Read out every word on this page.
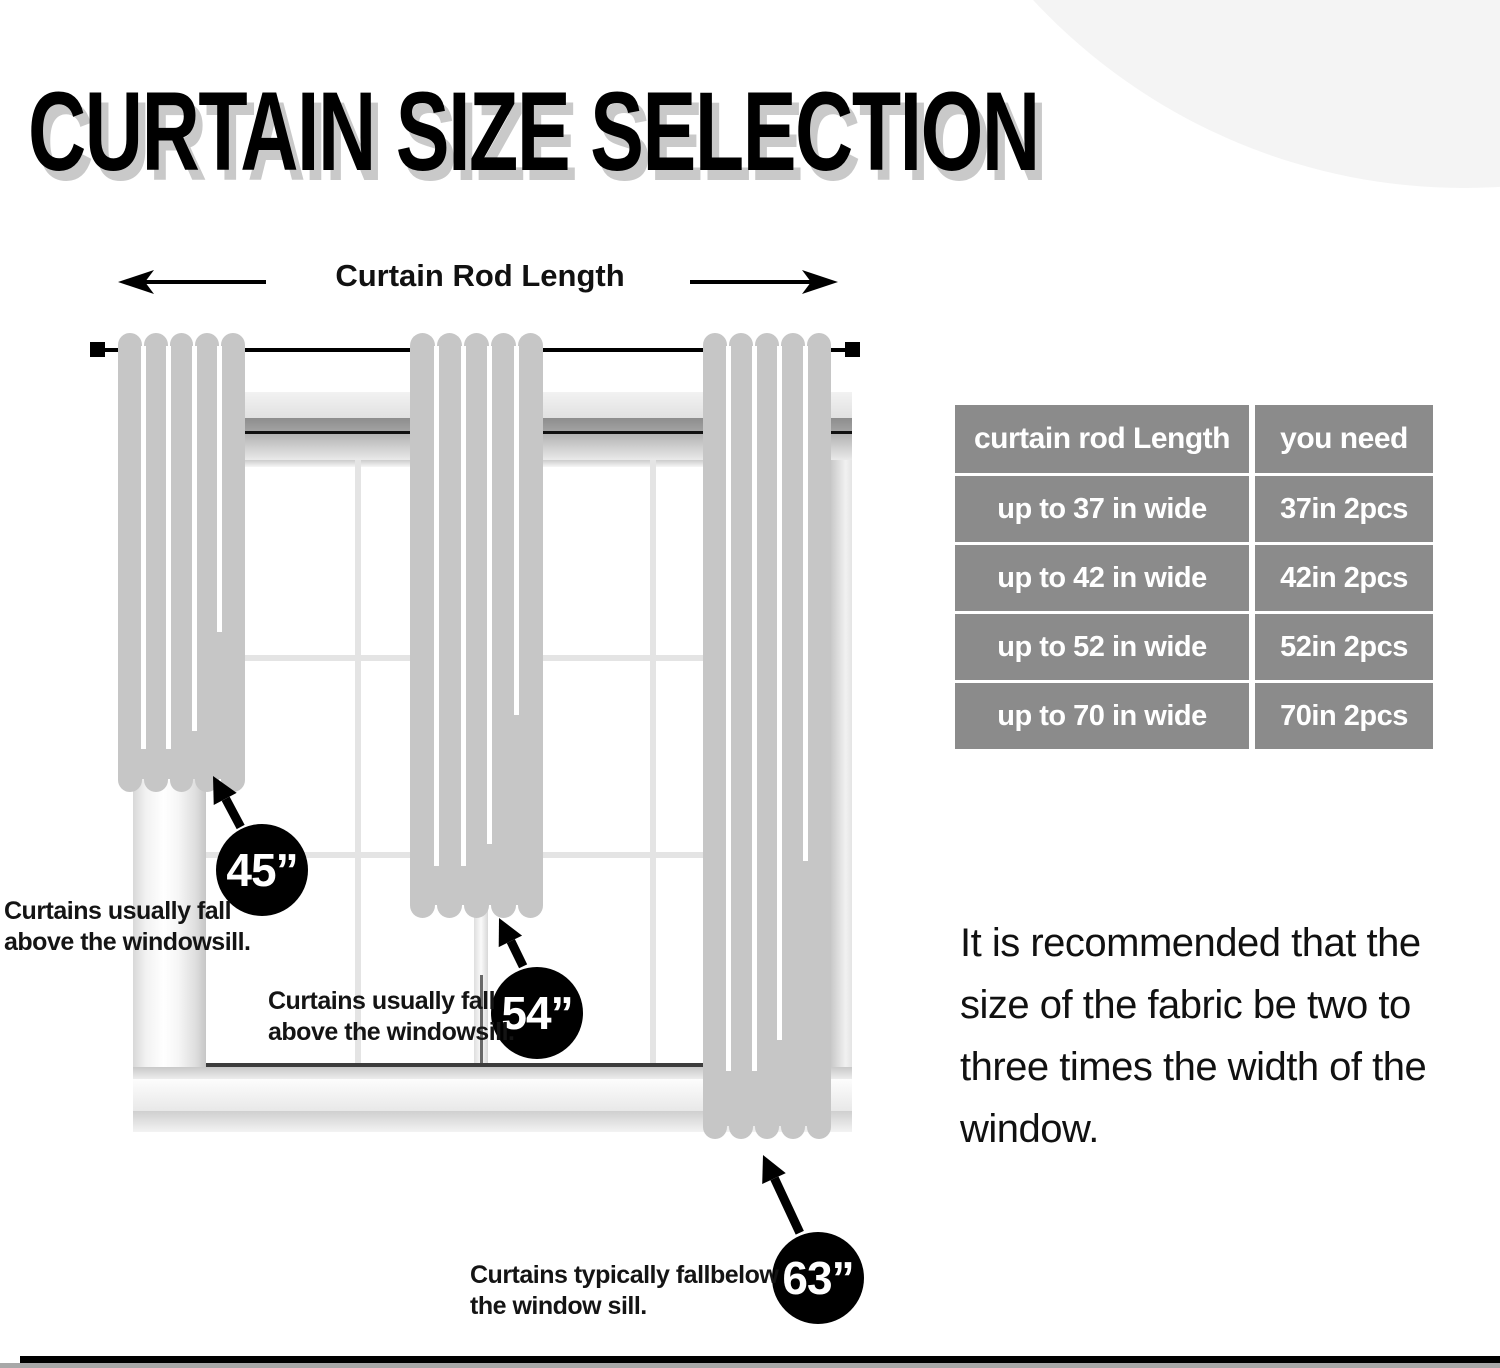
CURTAIN SIZE SELECTION
Curtain Rod Length
45”
54”
63”
Curtains usually fall
above the windowsill.
Curtains usually fall
above the windowsill.
Curtains typically fallbelow
the window sill.
curtain rod Length	you need
up to 37 in wide	37in 2pcs
up to 42 in wide	42in 2pcs
up to 52 in wide	52in 2pcs
up to 70 in wide	70in 2pcs
It is recommended that the
size of the fabric be two to
three times the width of the
window.
